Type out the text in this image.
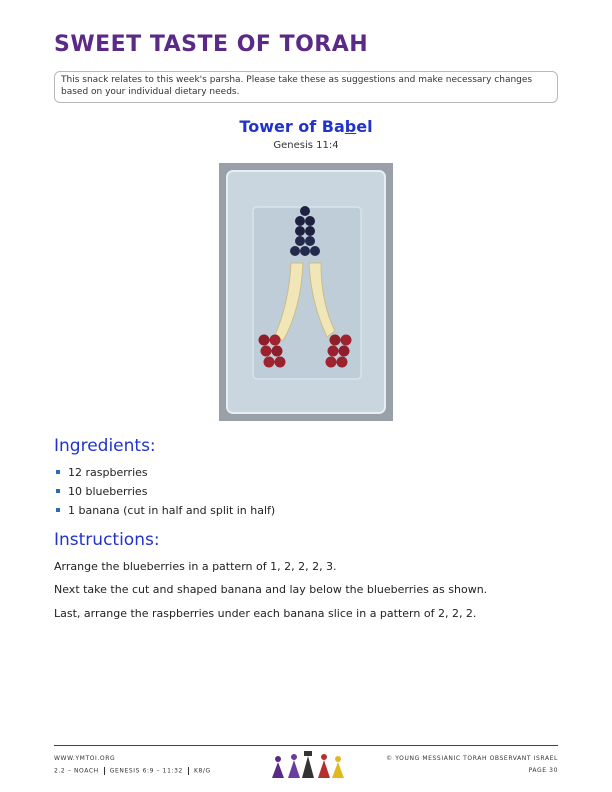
SWEET TASTE OF TORAH
This snack relates to this week's parsha. Please take these as suggestions and make necessary changes based on your individual dietary needs.
Tower of Babel
Genesis 11:4
Ingredients:
12 raspberries
10 blueberries
1 banana (cut in half and split in half)
Instructions:

Arrange the blueberries in a pattern of 1, 2, 2, 2, 3.

Next take the cut and shaped banana and lay below the blueberries as shown.

Last, arrange the raspberries under each banana slice in a pattern of 2, 2, 2.

WWW.YMTOI.ORG
2.2 – NOACH GENESIS 6:9 – 11:32 K8/G
© YOUNG MESSIANIC TORAH OBSERVANT ISRAEL
PAGE 30
